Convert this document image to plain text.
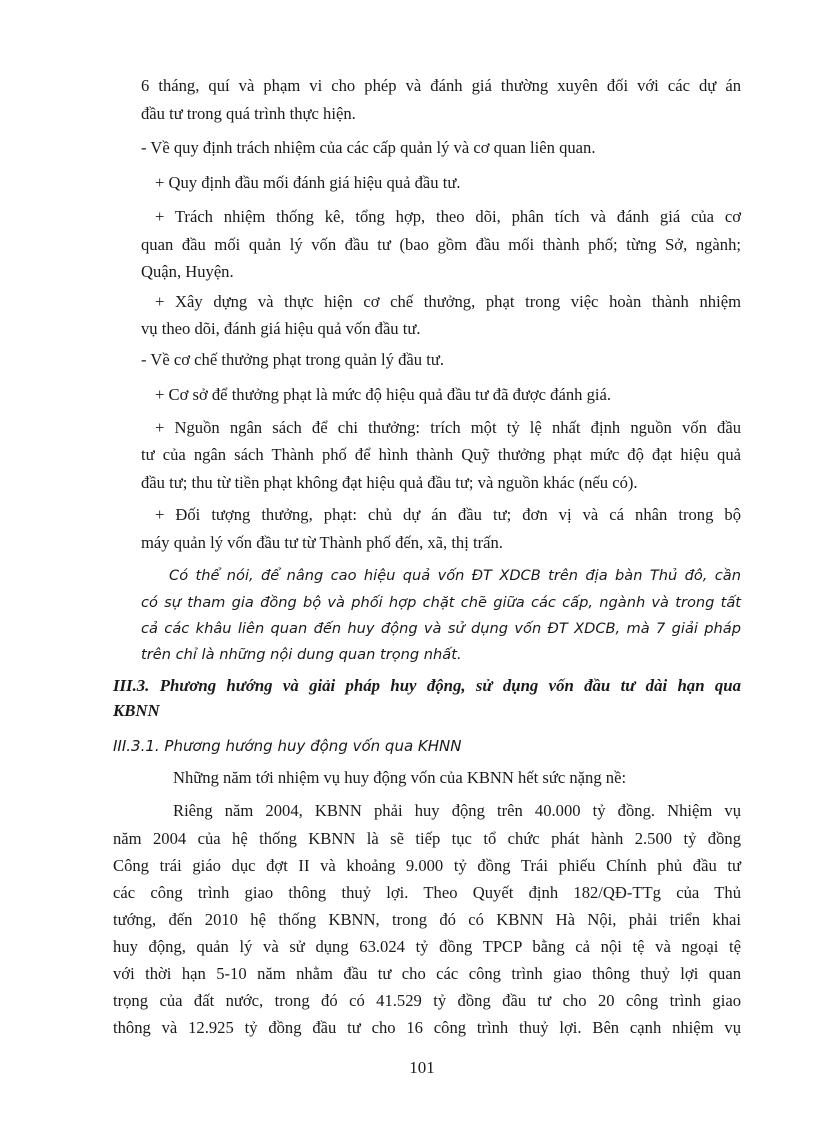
6 tháng, quí và phạm vi cho phép và đánh giá thường xuyên đối với các dự án
đầu tư trong quá trình thực hiện.
- Về quy định trách nhiệm của các cấp quản lý và cơ quan liên quan.
+ Quy định đầu mối đánh giá hiệu quả đầu tư.
+ Trách nhiệm thống kê, tổng hợp, theo dõi, phân tích và đánh giá của cơ
quan đầu mối quản lý vốn đầu tư (bao gồm đầu mối thành phố; từng Sở, ngành;
Quận, Huyện.
+ Xây dựng và thực hiện cơ chế thưởng, phạt trong việc hoàn thành nhiệm
vụ theo dõi, đánh giá hiệu quả vốn đầu tư.
- Về cơ chế thưởng phạt trong quản lý đầu tư.
+ Cơ sở để thưởng phạt là mức độ hiệu quả đầu tư đã được đánh giá.
+ Nguồn ngân sách để chi thưởng: trích một tỷ lệ nhất định nguồn vốn đầu
tư của ngân sách Thành phố để hình thành Quỹ thưởng phạt mức độ đạt hiệu quả
đầu tư; thu từ tiền phạt không đạt hiệu quả đầu tư; và nguồn khác (nếu có).
+ Đối tượng thưởng, phạt: chủ dự án đầu tư; đơn vị và cá nhân trong bộ
máy quản lý vốn đầu tư từ Thành phố đến, xã, thị trấn.
Có thể nói, để nâng cao hiệu quả vốn ĐT XDCB trên địa bàn Thủ đô, cần
có sự tham gia đồng bộ và phối hợp chặt chẽ giữa các cấp, ngành và trong tất
cả các khâu liên quan đến huy động và sử dụng vốn ĐT XDCB, mà 7 giải pháp
trên chỉ là những nội dung quan trọng nhất.
III.3. Phương hướng và giải pháp huy động, sử dụng vốn đầu tư dài hạn qua
KBNN
III.3.1. Phương hướng huy động vốn qua KHNN
Những năm tới nhiệm vụ huy động vốn của KBNN hết sức nặng nề:
Riêng năm 2004, KBNN phải huy động trên 40.000 tỷ đồng. Nhiệm vụ
năm 2004 của hệ thống KBNN là sẽ tiếp tục tổ chức phát hành 2.500 tỷ đồng
Công trái giáo dục đợt II và khoảng 9.000 tỷ đồng Trái phiếu Chính phủ đầu tư
các công trình giao thông thuỷ lợi. Theo Quyết định 182/QĐ-TTg của Thủ
tướng, đến 2010 hệ thống KBNN, trong đó có KBNN Hà Nội, phải triển khai
huy động, quản lý và sử dụng 63.024 tỷ đồng TPCP bằng cả nội tệ và ngoại tệ
với thời hạn 5-10 năm nhằm đầu tư cho các công trình giao thông thuỷ lợi quan
trọng của đất nước, trong đó có 41.529 tỷ đồng đầu tư cho 20 công trình giao
thông và 12.925 tỷ đồng đầu tư cho 16 công trình thuỷ lợi. Bên cạnh nhiệm vụ
101
